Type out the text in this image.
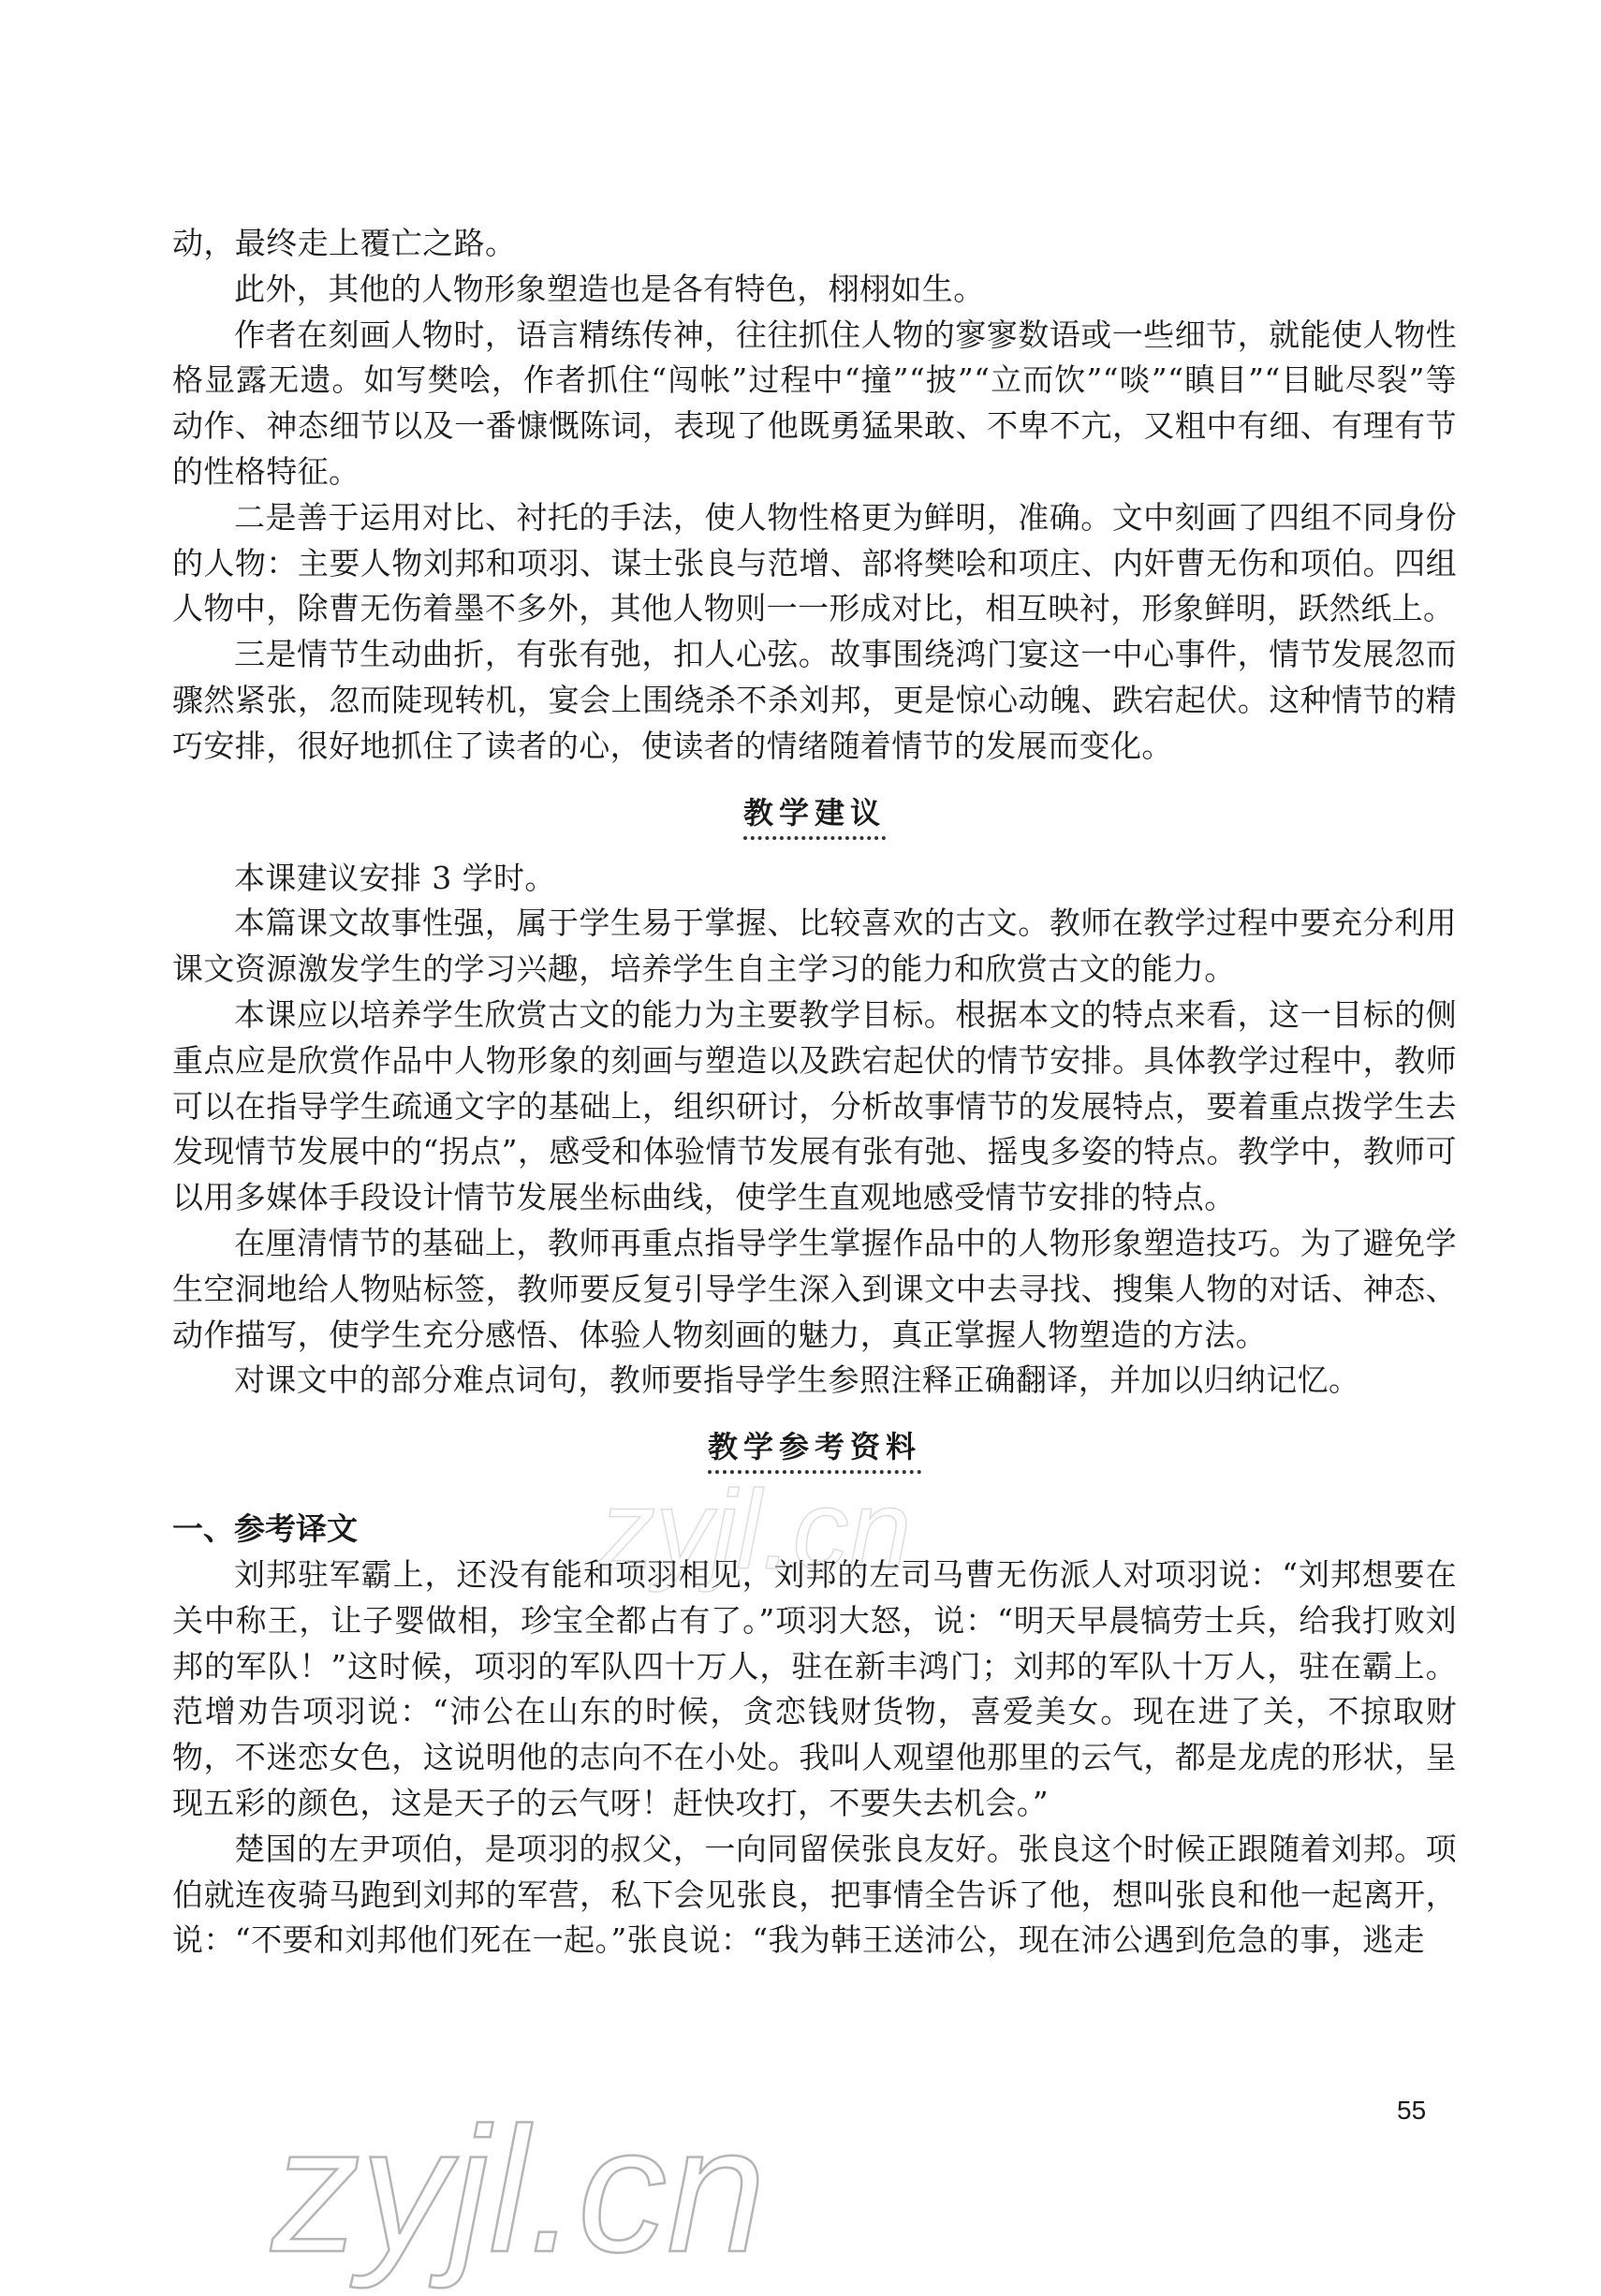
动，最终走上覆亡之路。

此外，其他的人物形象塑造也是各有特色，栩栩如生。

作者在刻画人物时，语言精练传神，往往抓住人物的寥寥数语或一些细节，就能使人物性格显露无遗。如写樊哙，作者抓住“闯帐”过程中“撞”“披”“立而饮”“啖”“瞋目”“目眦尽裂”等动作、神态细节以及一番慷慨陈词，表现了他既勇猛果敢、不卑不亢，又粗中有细、有理有节的性格特征。

二是善于运用对比、衬托的手法，使人物性格更为鲜明，准确。文中刻画了四组不同身份的人物：主要人物刘邦和项羽、谋士张良与范增、部将樊哙和项庄、内奸曹无伤和项伯。四组人物中，除曹无伤着墨不多外，其他人物则一一形成对比，相互映衬，形象鲜明，跃然纸上。

三是情节生动曲折，有张有弛，扣人心弦。故事围绕鸿门宴这一中心事件，情节发展忽而骤然紧张，忽而陡现转机，宴会上围绕杀不杀刘邦，更是惊心动魄、跌宕起伏。这种情节的精巧安排，很好地抓住了读者的心，使读者的情绪随着情节的发展而变化。

教学建议

本课建议安排 3 学时。

本篇课文故事性强，属于学生易于掌握、比较喜欢的古文。教师在教学过程中要充分利用课文资源激发学生的学习兴趣，培养学生自主学习的能力和欣赏古文的能力。

本课应以培养学生欣赏古文的能力为主要教学目标。根据本文的特点来看，这一目标的侧重点应是欣赏作品中人物形象的刻画与塑造以及跌宕起伏的情节安排。具体教学过程中，教师可以在指导学生疏通文字的基础上，组织研讨，分析故事情节的发展特点，要着重点拨学生去发现情节发展中的“拐点”，感受和体验情节发展有张有弛、摇曳多姿的特点。教学中，教师可以用多媒体手段设计情节发展坐标曲线，使学生直观地感受情节安排的特点。

在厘清情节的基础上，教师再重点指导学生掌握作品中的人物形象塑造技巧。为了避免学生空洞地给人物贴标签，教师要反复引导学生深入到课文中去寻找、搜集人物的对话、神态、动作描写，使学生充分感悟、体验人物刻画的魅力，真正掌握人物塑造的方法。

对课文中的部分难点词句，教师要指导学生参照注释正确翻译，并加以归纳记忆。

教学参考资料

一、参考译文

刘邦驻军霸上，还没有能和项羽相见，刘邦的左司马曹无伤派人对项羽说：“刘邦想要在关中称王，让子婴做相，珍宝全都占有了。”项羽大怒，说：“明天早晨犒劳士兵，给我打败刘邦的军队！”这时候，项羽的军队四十万人，驻在新丰鸿门；刘邦的军队十万人，驻在霸上。范增劝告项羽说：“沛公在山东的时候，贪恋钱财货物，喜爱美女。现在进了关，不掠取财物，不迷恋女色，这说明他的志向不在小处。我叫人观望他那里的云气，都是龙虎的形状，呈现五彩的颜色，这是天子的云气呀！赶快攻打，不要失去机会。”

楚国的左尹项伯，是项羽的叔父，一向同留侯张良友好。张良这个时候正跟随着刘邦。项伯就连夜骑马跑到刘邦的军营，私下会见张良，把事情全告诉了他，想叫张良和他一起离开，说：“不要和刘邦他们死在一起。”张良说：“我为韩王送沛公，现在沛公遇到危急的事，逃走

55
zyjl.cn
zyjl.cn
